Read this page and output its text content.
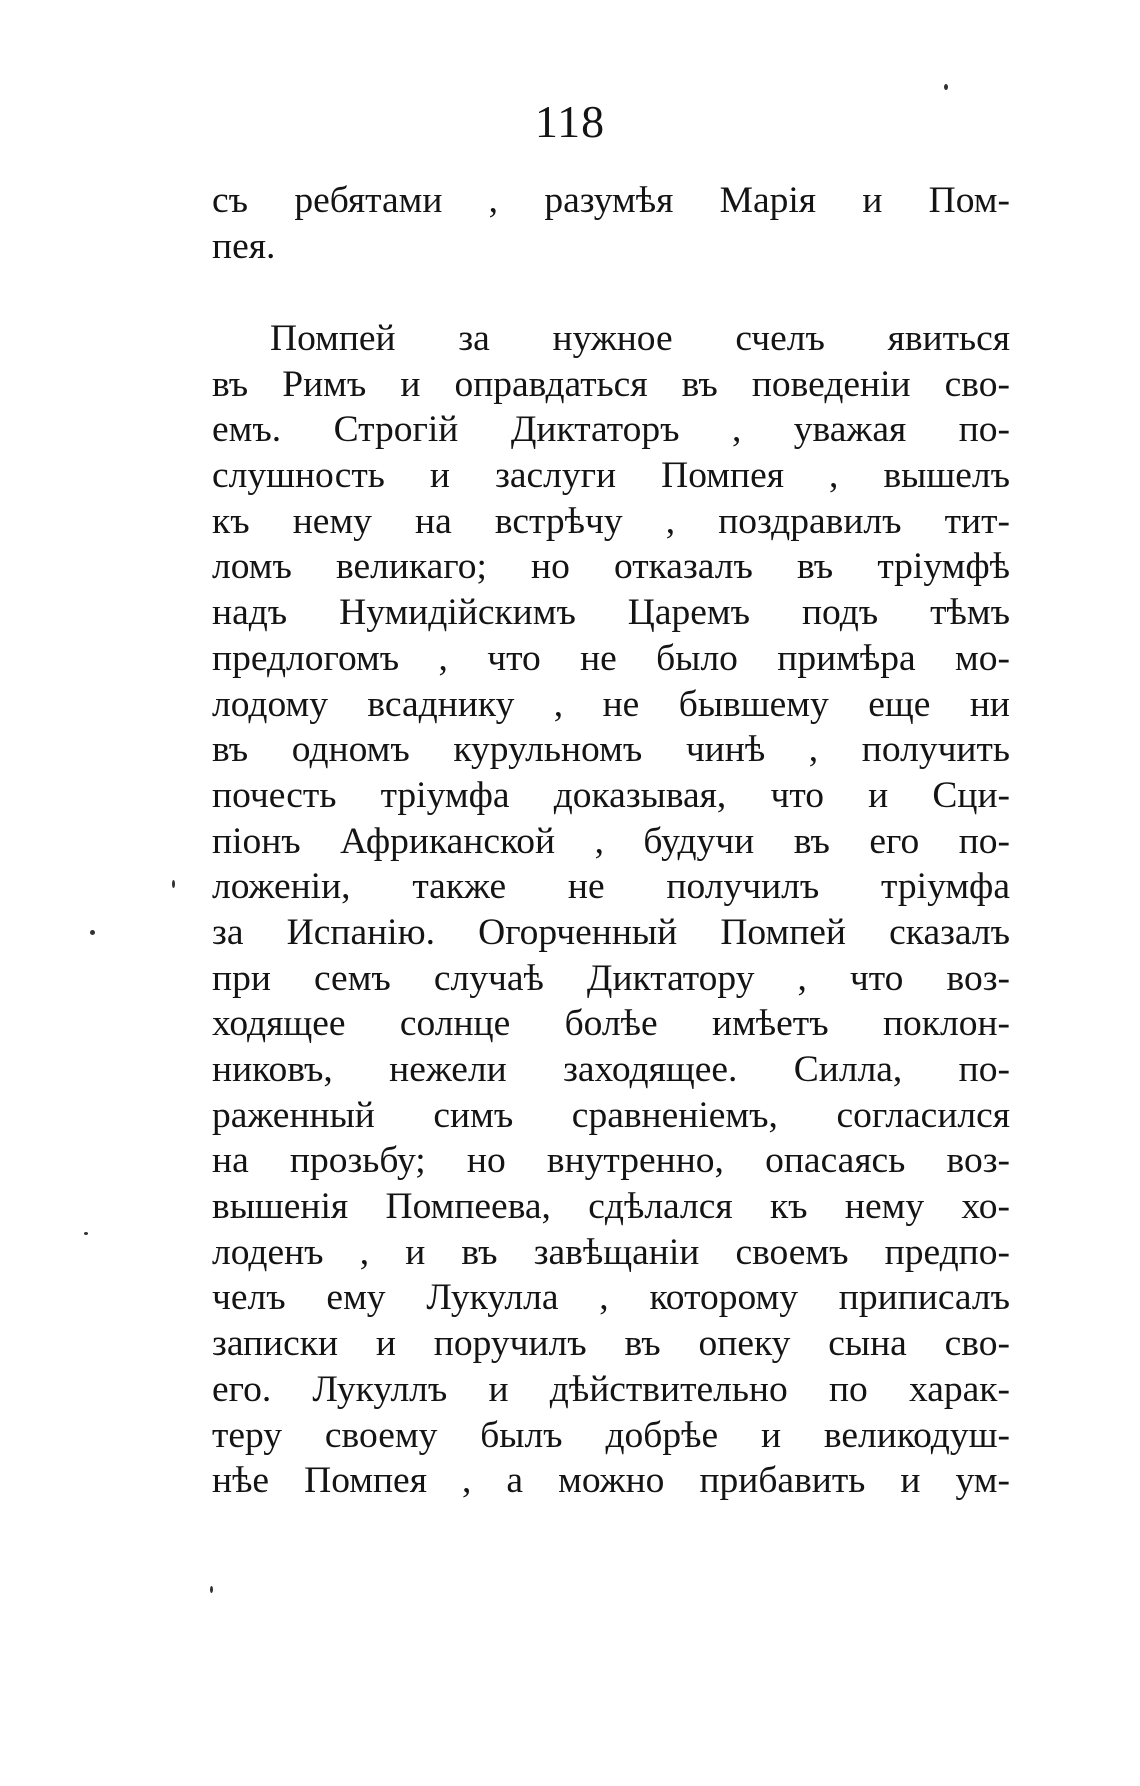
118
съ ребятами , разумѣя Марія и Пом-
пея.
Помпей за нужное счелъ явиться
въ Римъ и оправдаться въ поведеніи сво-
емъ. Строгій Диктаторъ , уважая по-
слушность и заслуги Помпея , вышелъ
къ нему на встрѣчу , поздравилъ тит-
ломъ великаго; но отказалъ въ тріумфѣ
надъ Нумидійскимъ Царемъ подъ тѣмъ
предлогомъ , что не было примѣра мо-
лодому всаднику , не бывшему еще ни
въ одномъ курульномъ чинѣ , получить
почесть тріумфа доказывая, что и Сци-
піонъ Африканской , будучи въ его по-
ложеніи, также не получилъ тріумфа
за Испанію. Огорченный Помпей сказалъ
при семъ случаѣ Диктатору , что воз-
ходящее солнце болѣе имѣетъ поклон-
никовъ, нежели заходящее. Силла, по-
раженный симъ сравненіемъ, согласился
на прозьбу; но внутренно, опасаясь воз-
вышенія Помпеева, сдѣлался къ нему хо-
лоденъ , и въ завѣщаніи своемъ предпо-
челъ ему Лукулла , которому приписалъ
записки и поручилъ въ опеку сына сво-
его. Лукуллъ и дѣйствительно по харак-
теру своему былъ добрѣе и великодуш-
нѣе Помпея , а можно прибавить и ум-
